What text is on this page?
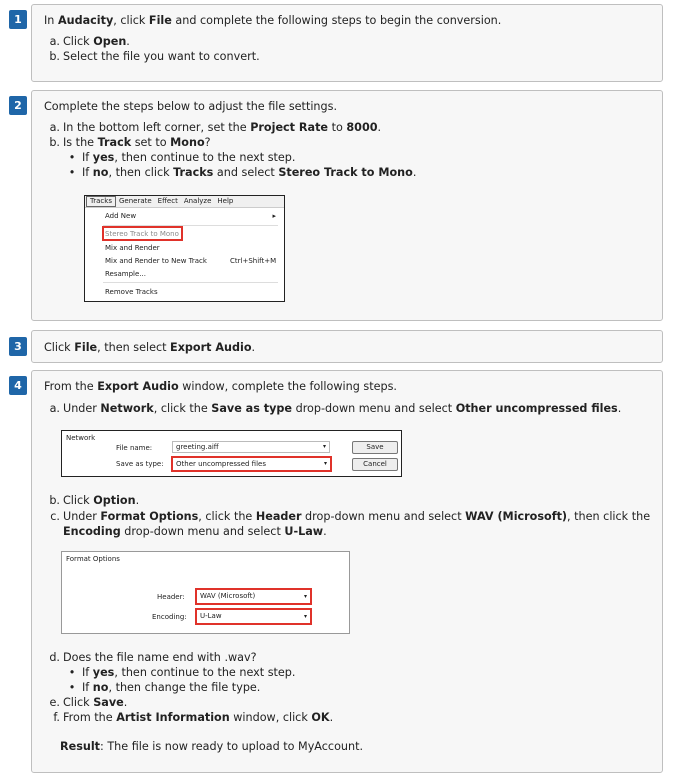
1	In Audacity, click File and complete the following steps to begin the conversion.
a. Click Open.
b. Select the file you want to convert.
2	Complete the steps below to adjust the file settings.
a. In the bottom left corner, set the Project Rate to 8000.
b. Is the Track set to Mono?
• If yes, then continue to the next step.
• If no, then click Tracks and select Stereo Track to Mono.
Tracks Generate Effect Analyze Help
Add New	▸
Stereo Track to Mono
Mix and Render
Mix and Render to New Track	Ctrl+Shift+M
Resample...
Remove Tracks
3	Click File, then select Export Audio.
4	From the Export Audio window, complete the following steps.
a. Under Network, click the Save as type drop-down menu and select Other uncompressed files.
Network
File name:	greeting.aiff	▾
Save as type:	Other uncompressed files	▾
Save
Cancel
b. Click Option.
c. Under Format Options, click the Header drop-down menu and select WAV (Microsoft), then click the
Encoding drop-down menu and select U-Law.
Format Options
Header:	WAV (Microsoft)	▾
Encoding:	U-Law	▾
d. Does the file name end with .wav?
• If yes, then continue to the next step.
• If no, then change the file type.
e. Click Save.
f. From the Artist Information window, click OK.
Result: The file is now ready to upload to MyAccount.
